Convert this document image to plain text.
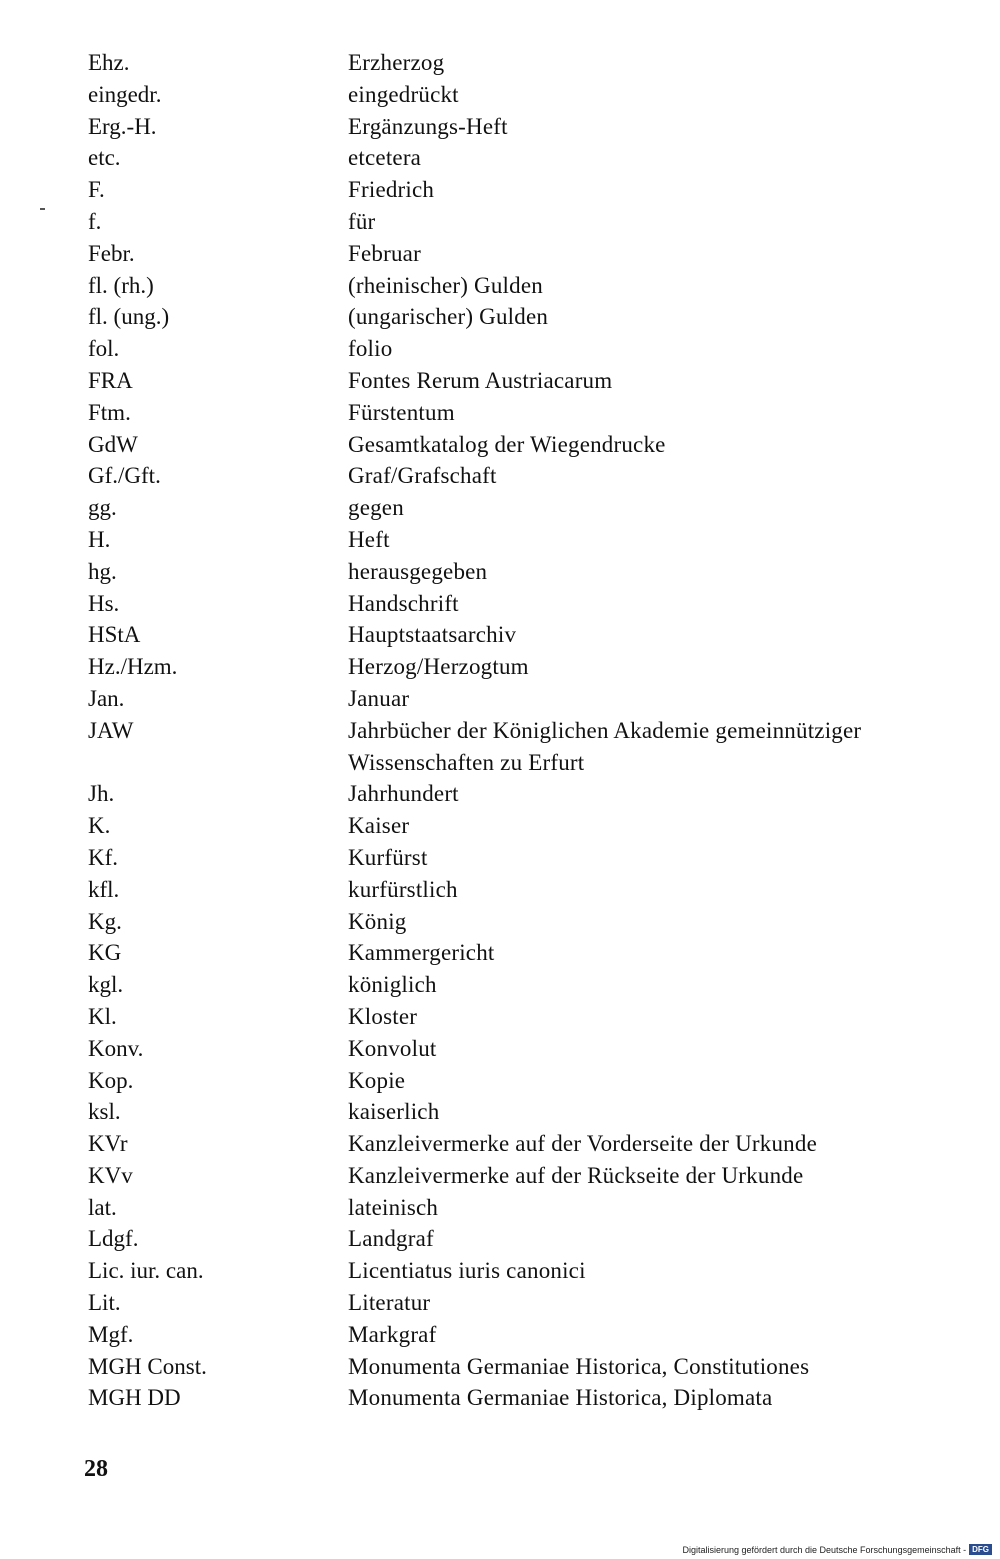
Ehz.	Erzherzog
eingedr.	eingedrückt
Erg.-H.	Ergänzungs-Heft
etc.	etcetera
F.	Friedrich
f.	für
Febr.	Februar
fl. (rh.)	(rheinischer) Gulden
fl. (ung.)	(ungarischer) Gulden
fol.	folio
FRA	Fontes Rerum Austriacarum
Ftm.	Fürstentum
GdW	Gesamtkatalog der Wiegendrucke
Gf./Gft.	Graf/Grafschaft
gg.	gegen
H.	Heft
hg.	herausgegeben
Hs.	Handschrift
HStA	Hauptstaatsarchiv
Hz./Hzm.	Herzog/Herzogtum
Jan.	Januar
JAW	Jahrbücher der Königlichen Akademie gemeinnütziger Wissenschaften zu Erfurt
Jh.	Jahrhundert
K.	Kaiser
Kf.	Kurfürst
kfl.	kurfürstlich
Kg.	König
KG	Kammergericht
kgl.	königlich
Kl.	Kloster
Konv.	Konvolut
Kop.	Kopie
ksl.	kaiserlich
KVr	Kanzleivermerke auf der Vorderseite der Urkunde
KVv	Kanzleivermerke auf der Rückseite der Urkunde
lat.	lateinisch
Ldgf.	Landgraf
Lic. iur. can.	Licentiatus iuris canonici
Lit.	Literatur
Mgf.	Markgraf
MGH Const.	Monumenta Germaniae Historica, Constitutiones
MGH DD	Monumenta Germaniae Historica, Diplomata
28
Digitalisierung gefördert durch die Deutsche Forschungsgemeinschaft - DFG
